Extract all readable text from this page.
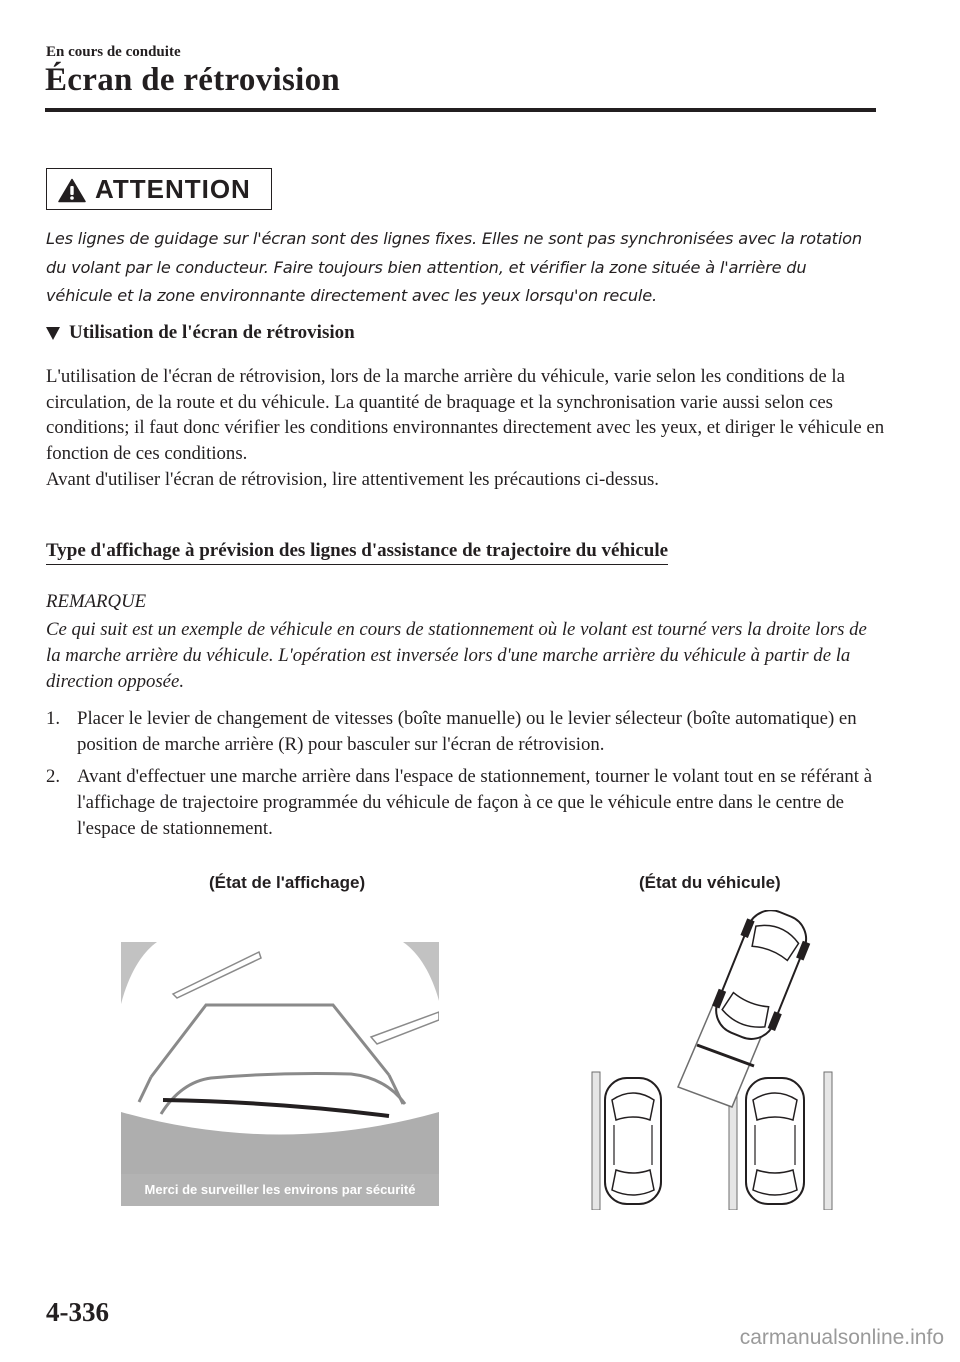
En cours de conduite
Écran de rétrovision
ATTENTION
Les lignes de guidage sur l'écran sont des lignes fixes. Elles ne sont pas synchronisées avec la rotation du volant par le conducteur. Faire toujours bien attention, et vérifier la zone située à l'arrière du véhicule et la zone environnante directement avec les yeux lorsqu'on recule.
Utilisation de l'écran de rétrovision
L'utilisation de l'écran de rétrovision, lors de la marche arrière du véhicule, varie selon les conditions de la circulation, de la route et du véhicule. La quantité de braquage et la synchronisation varie aussi selon ces conditions; il faut donc vérifier les conditions environnantes directement avec les yeux, et diriger le véhicule en fonction de ces conditions.
Avant d'utiliser l'écran de rétrovision, lire attentivement les précautions ci-dessus.
Type d'affichage à prévision des lignes d'assistance de trajectoire du véhicule
REMARQUE
Ce qui suit est un exemple de véhicule en cours de stationnement où le volant est tourné vers la droite lors de la marche arrière du véhicule. L'opération est inversée lors d'une marche arrière du véhicule à partir de la direction opposée.
1. Placer le levier de changement de vitesses (boîte manuelle) ou le levier sélecteur (boîte automatique) en position de marche arrière (R) pour basculer sur l'écran de rétrovision.
2. Avant d'effectuer une marche arrière dans l'espace de stationnement, tourner le volant tout en se référant à l'affichage de trajectoire programmée du véhicule de façon à ce que le véhicule entre dans le centre de l'espace de stationnement.
(État de l'affichage)	(État du véhicule)
Merci de surveiller les environs par sécurité
4-336
carmanualsonline.info
